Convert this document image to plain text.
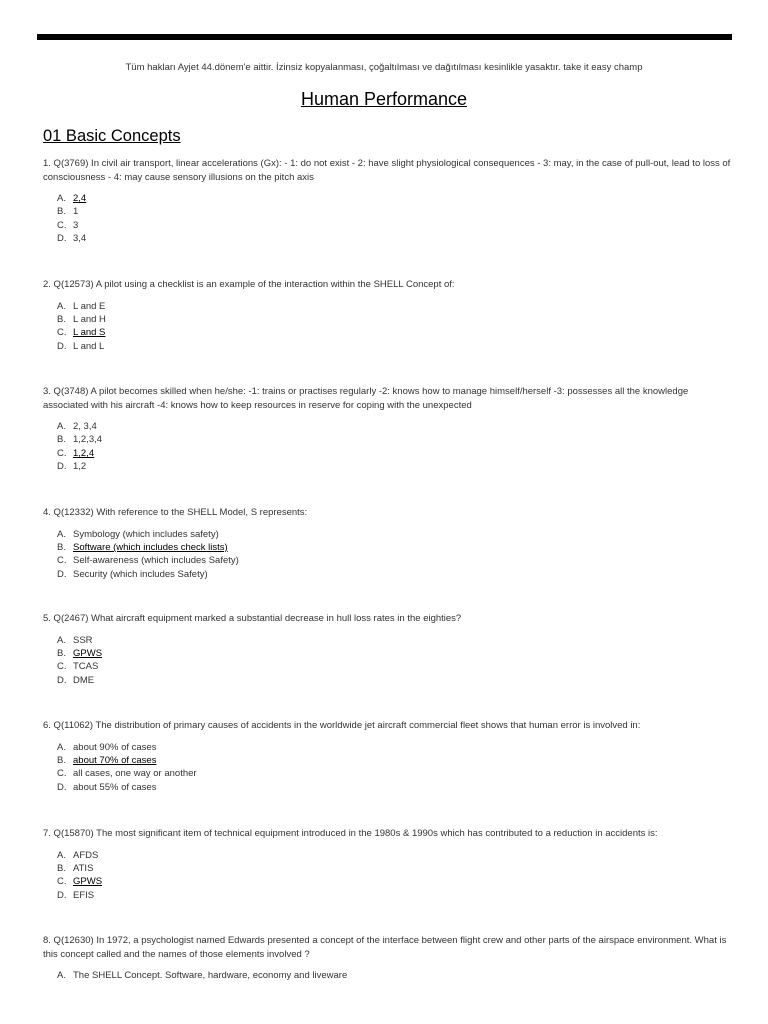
Tüm hakları Ayjet 44.dönem'e aittir. İzinsiz kopyalanması, çoğaltılması ve dağıtılması kesinlikle yasaktır. take it easy champ
Human Performance
01 Basic Concepts

1. Q(3769) In civil air transport, linear accelerations (Gx): - 1: do not exist - 2: have slight physiological consequences - 3: may, in the case of pull-out, lead to loss of consciousness - 4: may cause sensory illusions on the pitch axis

A. 2,4
B. 1
C. 3
D. 3,4

2. Q(12573) A pilot using a checklist is an example of the interaction within the SHELL Concept of:

A. L and E
B. L and H
C. L and S
D. L and L

3. Q(3748) A pilot becomes skilled when he/she: -1: trains or practises regularly -2: knows how to manage himself/herself -3: possesses all the knowledge associated with his aircraft -4: knows how to keep resources in reserve for coping with the unexpected

A. 2, 3,4
B. 1,2,3,4
C. 1,2,4
D. 1,2

4. Q(12332) With reference to the SHELL Model, S represents:

A. Symbology (which includes safety)
B. Software (which includes check lists)
C. Self-awareness (which includes Safety)
D. Security (which includes Safety)

5. Q(2467) What aircraft equipment marked a substantial decrease in hull loss rates in the eighties?

A. SSR
B. GPWS
C. TCAS
D. DME

6. Q(11062) The distribution of primary causes of accidents in the worldwide jet aircraft commercial fleet shows that human error is involved in:

A. about 90% of cases
B. about 70% of cases
C. all cases, one way or another
D. about 55% of cases

7. Q(15870) The most significant item of technical equipment introduced in the 1980s & 1990s which has contributed to a reduction in accidents is:

A. AFDS
B. ATIS
C. GPWS
D. EFIS

8. Q(12630) In 1972, a psychologist named Edwards presented a concept of the interface between flight crew and other parts of the airspace environment. What is this concept called and the names of those elements involved ?

A. The SHELL Concept. Software, hardware, economy and liveware
